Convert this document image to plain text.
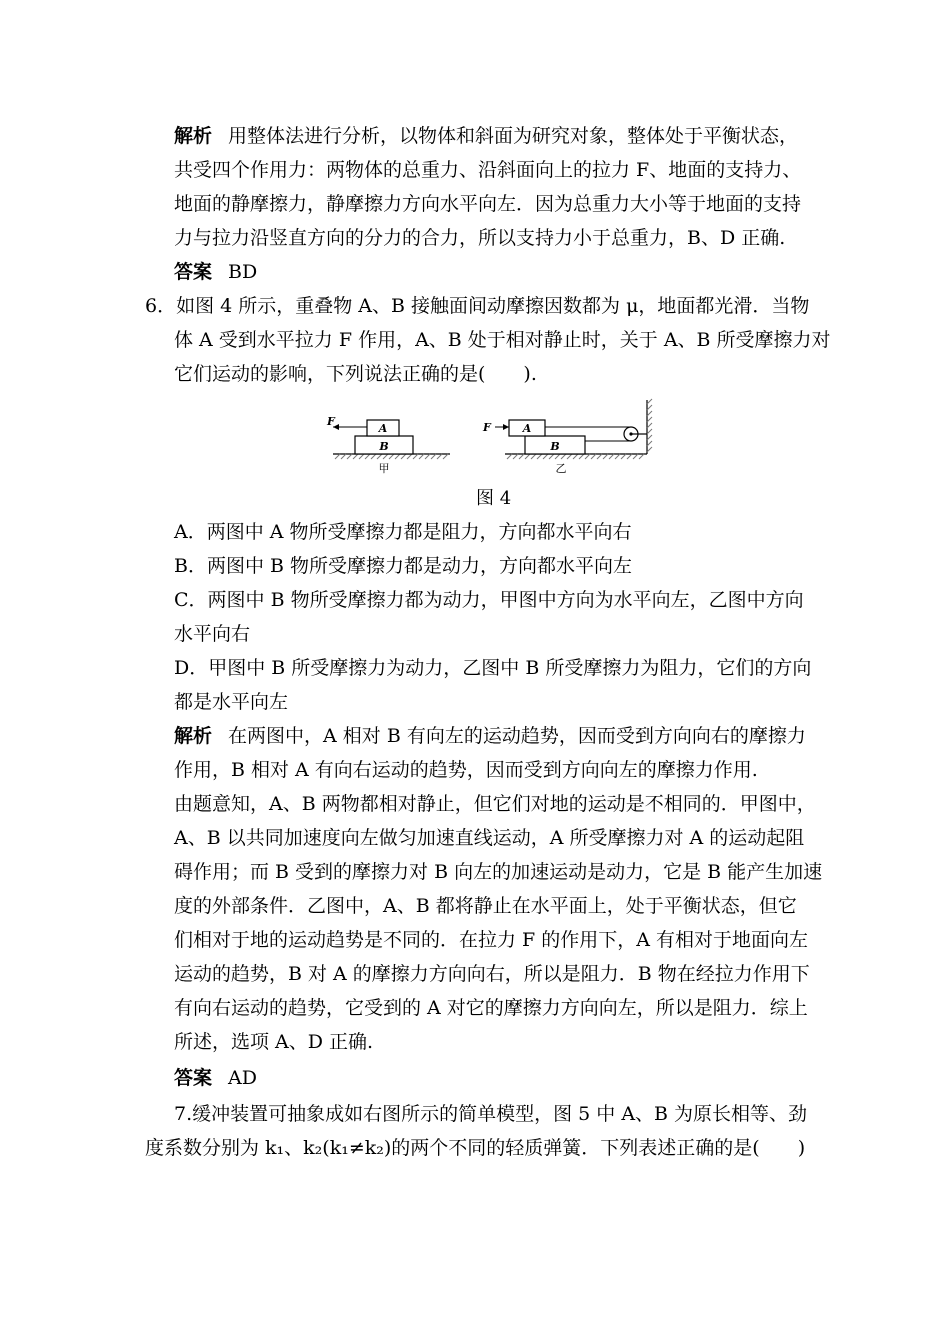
解析 用整体法进行分析，以物体和斜面为研究对象，整体处于平衡状态，
共受四个作用力：两物体的总重力、沿斜面向上的拉力 F、地面的支持力、
地面的静摩擦力，静摩擦力方向水平向左．因为总重力大小等于地面的支持
力与拉力沿竖直方向的分力的合力，所以支持力小于总重力，B、D 正确.
答案 BD
6．如图 4 所示，重叠物 A、B 接触面间动摩擦因数都为 μ，地面都光滑．当物
体 A 受到水平拉力 F 作用，A、B 处于相对静止时，关于 A、B 所受摩擦力对
它们运动的影响，下列说法正确的是(　　).
B
A
F
甲
B
A
F
乙
图 4
A．两图中 A 物所受摩擦力都是阻力，方向都水平向右
B．两图中 B 物所受摩擦力都是动力，方向都水平向左
C．两图中 B 物所受摩擦力都为动力，甲图中方向为水平向左，乙图中方向
水平向右
D．甲图中 B 所受摩擦力为动力，乙图中 B 所受摩擦力为阻力，它们的方向
都是水平向左
解析 在两图中，A 相对 B 有向左的运动趋势，因而受到方向向右的摩擦力
作用，B 相对 A 有向右运动的趋势，因而受到方向向左的摩擦力作用.
由题意知，A、B 两物都相对静止，但它们对地的运动是不相同的．甲图中，
A、B 以共同加速度向左做匀加速直线运动，A 所受摩擦力对 A 的运动起阻
碍作用；而 B 受到的摩擦力对 B 向左的加速运动是动力，它是 B 能产生加速
度的外部条件．乙图中，A、B 都将静止在水平面上，处于平衡状态，但它
们相对于地的运动趋势是不同的．在拉力 F 的作用下，A 有相对于地面向左
运动的趋势，B 对 A 的摩擦力方向向右，所以是阻力．B 物在经拉力作用下
有向右运动的趋势，它受到的 A 对它的摩擦力方向向左，所以是阻力．综上
所述，选项 A、D 正确.
答案 AD
7.缓冲装置可抽象成如右图所示的简单模型，图 5 中 A、B 为原长相等、劲
度系数分别为 k₁、k₂(k₁≠k₂)的两个不同的轻质弹簧．下列表述正确的是(　　)
